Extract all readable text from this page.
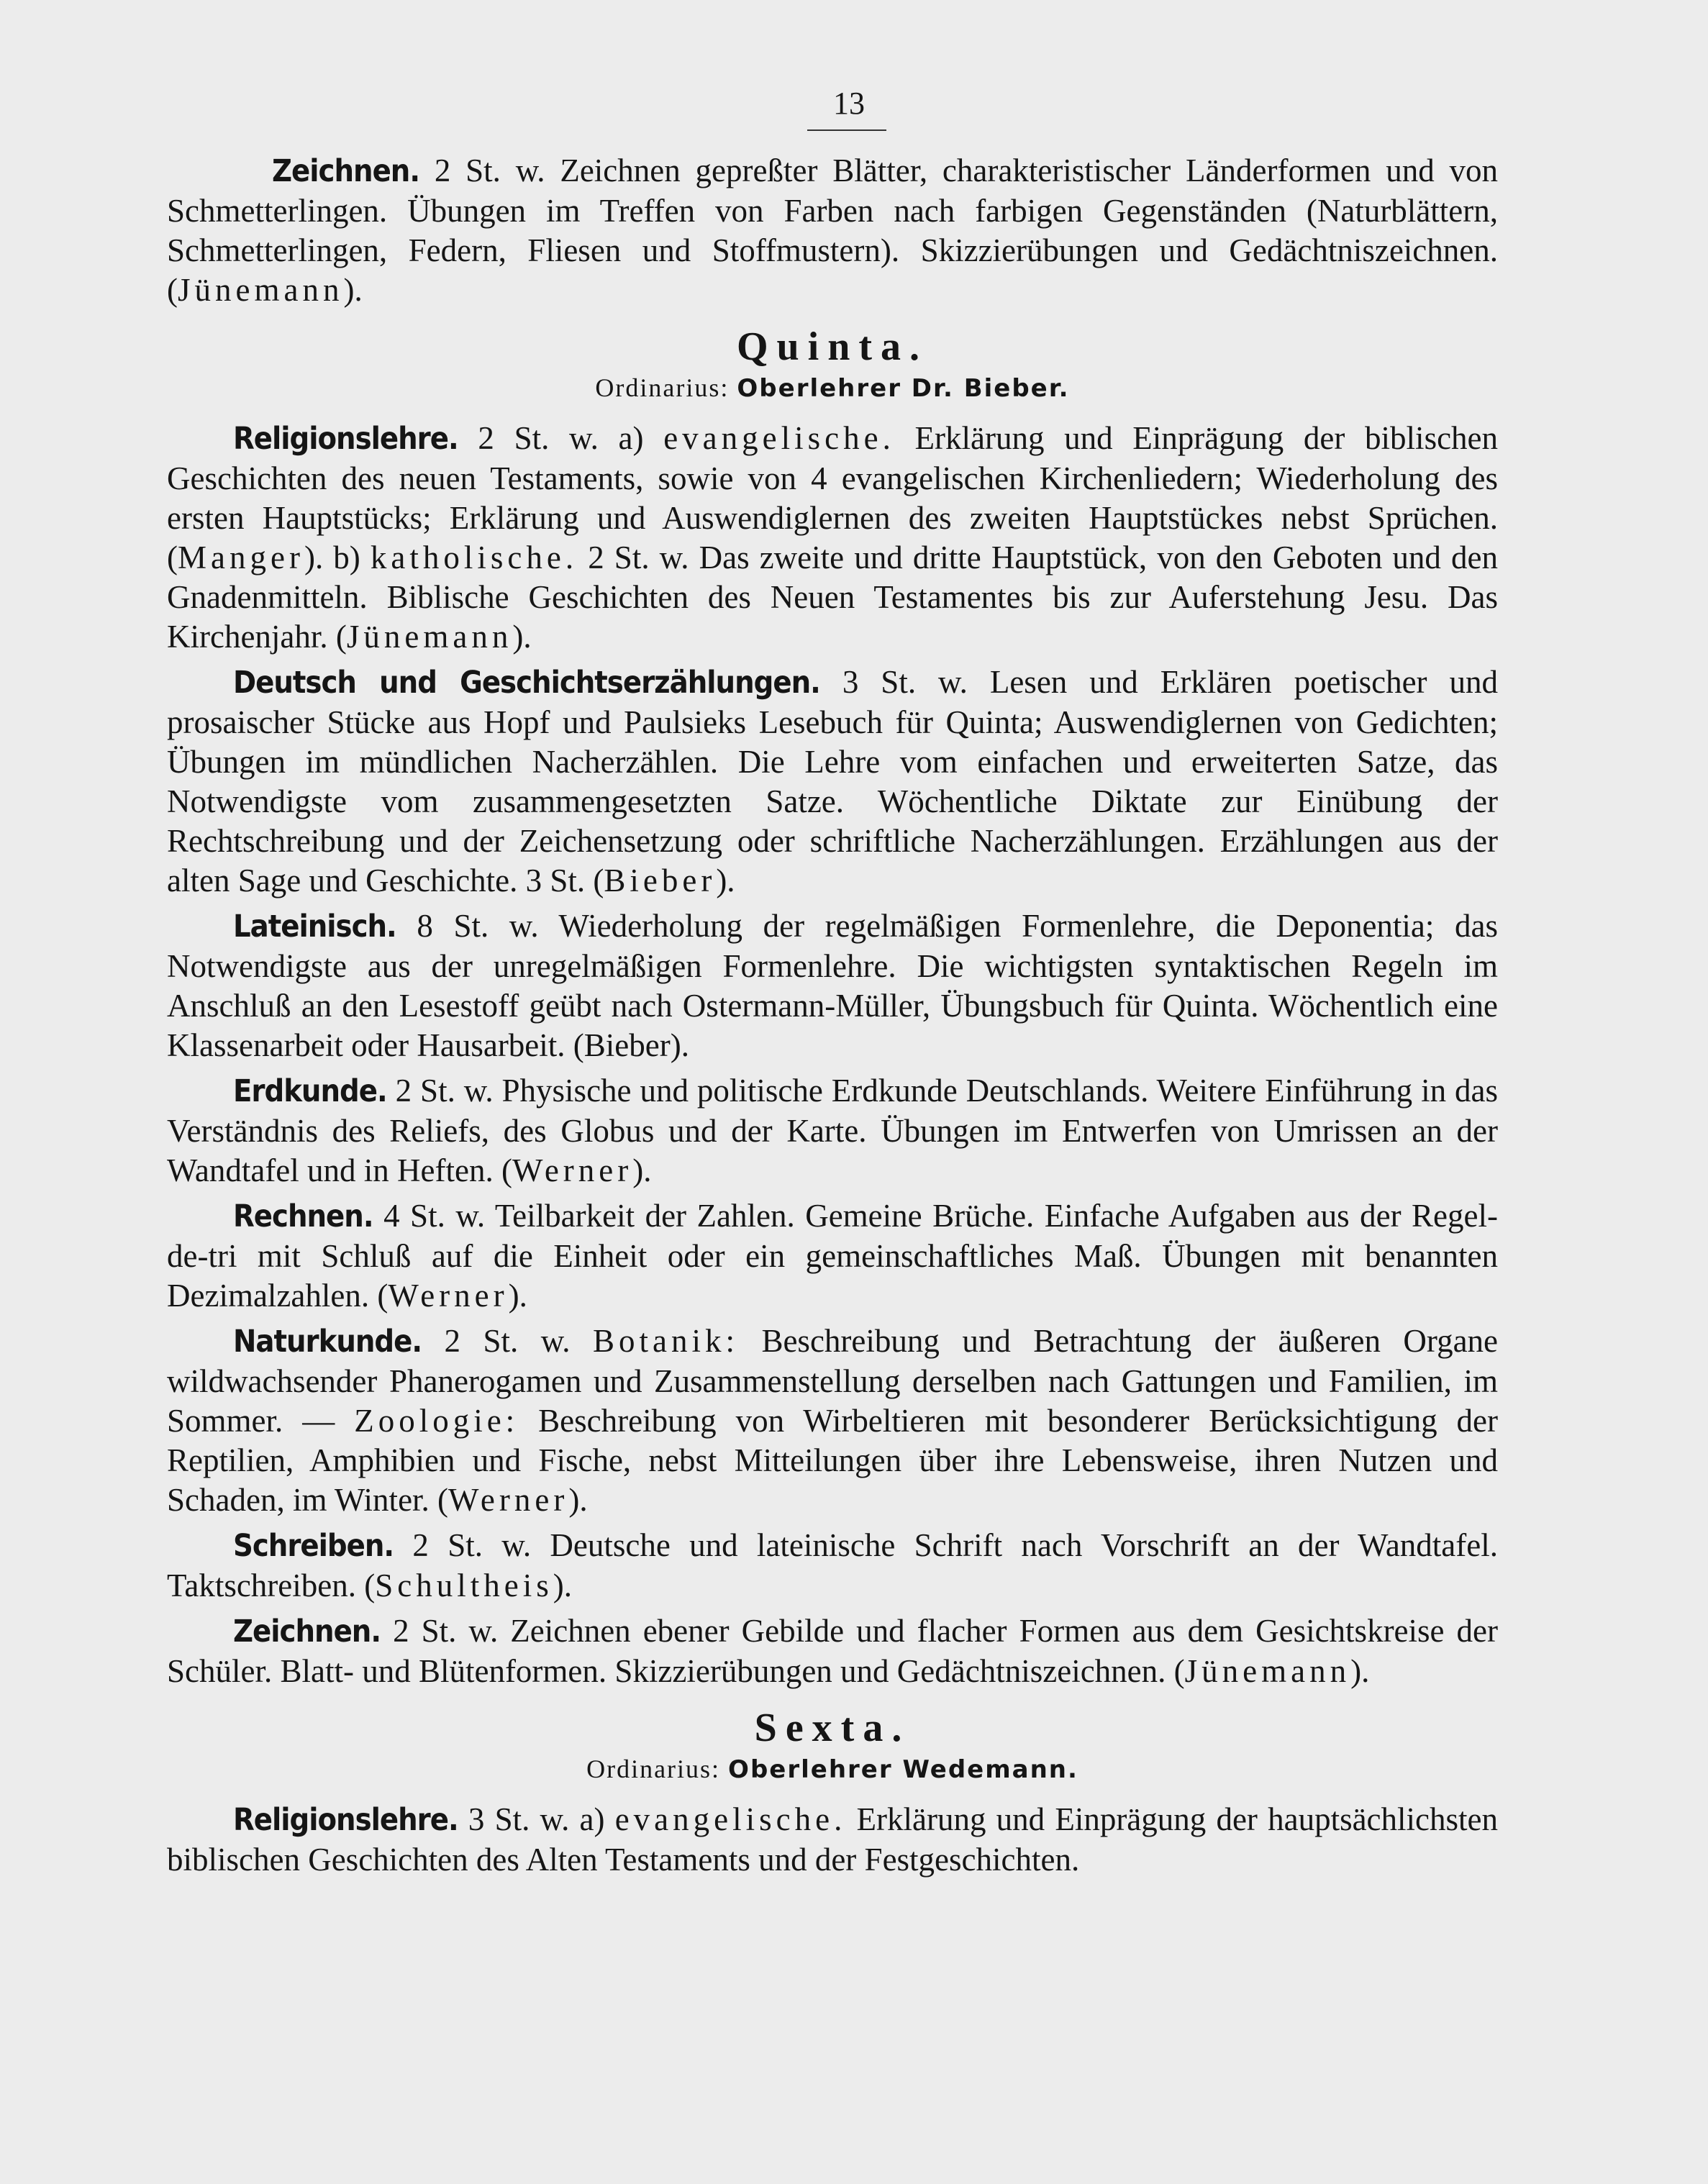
13

Zeichnen. 2 St. w. Zeichnen gepreßter Blätter, charakteristischer Länderformen und von Schmetterlingen. Übungen im Treffen von Farben nach farbigen Gegenständen (Naturblättern, Schmetterlingen, Federn, Fliesen und Stoffmustern). Skizzierübungen und Gedächtniszeichnen. (Jünemann).

Quinta.
Ordinarius: Oberlehrer Dr. Bieber.

Religionslehre. 2 St. w. a) evangelische. Erklärung und Einprägung der biblischen Geschichten des neuen Testaments, sowie von 4 evangelischen Kirchenliedern; Wiederholung des ersten Hauptstücks; Erklärung und Auswendiglernen des zweiten Hauptstückes nebst Sprüchen. (Manger). b) katholische. 2 St. w. Das zweite und dritte Hauptstück, von den Geboten und den Gnadenmitteln. Biblische Geschichten des Neuen Testamentes bis zur Auferstehung Jesu. Das Kirchenjahr. (Jünemann).

Deutsch und Geschichtserzählungen. 3 St. w. Lesen und Erklären poetischer und prosaischer Stücke aus Hopf und Paulsieks Lesebuch für Quinta; Auswendiglernen von Gedichten; Übungen im mündlichen Nacherzählen. Die Lehre vom einfachen und erweiterten Satze, das Notwendigste vom zusammengesetzten Satze. Wöchentliche Diktate zur Einübung der Rechtschreibung und der Zeichensetzung oder schriftliche Nacherzählungen. Erzählungen aus der alten Sage und Geschichte. 3 St. (Bieber).

Lateinisch. 8 St. w. Wiederholung der regelmäßigen Formenlehre, die Deponentia; das Notwendigste aus der unregelmäßigen Formenlehre. Die wichtigsten syntaktischen Regeln im Anschluß an den Lesestoff geübt nach Ostermann-Müller, Übungsbuch für Quinta. Wöchentlich eine Klassenarbeit oder Hausarbeit. (Bieber).

Erdkunde. 2 St. w. Physische und politische Erdkunde Deutschlands. Weitere Einführung in das Verständnis des Reliefs, des Globus und der Karte. Übungen im Entwerfen von Umrissen an der Wandtafel und in Heften. (Werner).

Rechnen. 4 St. w. Teilbarkeit der Zahlen. Gemeine Brüche. Einfache Aufgaben aus der Regel-de-tri mit Schluß auf die Einheit oder ein gemeinschaftliches Maß. Übungen mit benannten Dezimalzahlen. (Werner).

Naturkunde. 2 St. w. Botanik: Beschreibung und Betrachtung der äußeren Organe wildwachsender Phanerogamen und Zusammenstellung derselben nach Gattungen und Familien, im Sommer. — Zoologie: Beschreibung von Wirbeltieren mit besonderer Berücksichtigung der Reptilien, Amphibien und Fische, nebst Mitteilungen über ihre Lebensweise, ihren Nutzen und Schaden, im Winter. (Werner).

Schreiben. 2 St. w. Deutsche und lateinische Schrift nach Vorschrift an der Wandtafel. Taktschreiben. (Schultheis).

Zeichnen. 2 St. w. Zeichnen ebener Gebilde und flacher Formen aus dem Gesichtskreise der Schüler. Blatt- und Blütenformen. Skizzierübungen und Gedächtniszeichnen. (Jünemann).

Sexta.
Ordinarius: Oberlehrer Wedemann.

Religionslehre. 3 St. w. a) evangelische. Erklärung und Einprägung der hauptsächlichsten biblischen Geschichten des Alten Testaments und der Festgeschichten.
